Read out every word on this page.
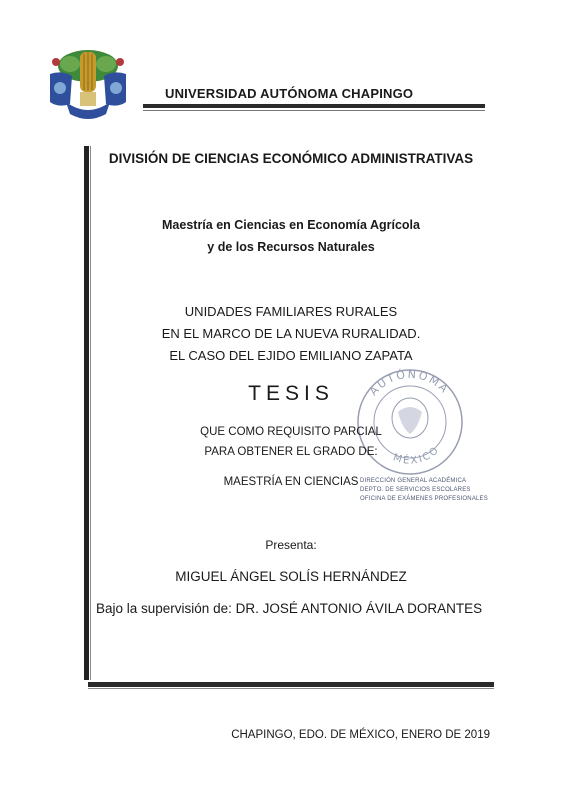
UNIVERSIDAD AUTÓNOMA CHAPINGO
DIVISIÓN DE CIENCIAS ECONÓMICO ADMINISTRATIVAS
Maestría en Ciencias en Economía Agrícola
y de los Recursos Naturales
UNIDADES FAMILIARES RURALES
EN EL MARCO DE LA NUEVA RURALIDAD.
EL CASO DEL EJIDO EMILIANO ZAPATA
AUTÓNOMA
MÉXICO
TESIS
QUE COMO REQUISITO PARCIAL
PARA OBTENER EL GRADO DE:
MAESTRÍA EN CIENCIAS DIRECCIÓN GENERAL ACADÉMICA
DEPTO. DE SERVICIOS ESCOLARES
OFICINA DE EXÁMENES PROFESIONALES
Presenta:
MIGUEL ÁNGEL SOLÍS HERNÁNDEZ
Bajo la supervisión de: DR. JOSÉ ANTONIO ÁVILA DORANTES
CHAPINGO, EDO. DE MÉXICO, ENERO DE 2019
